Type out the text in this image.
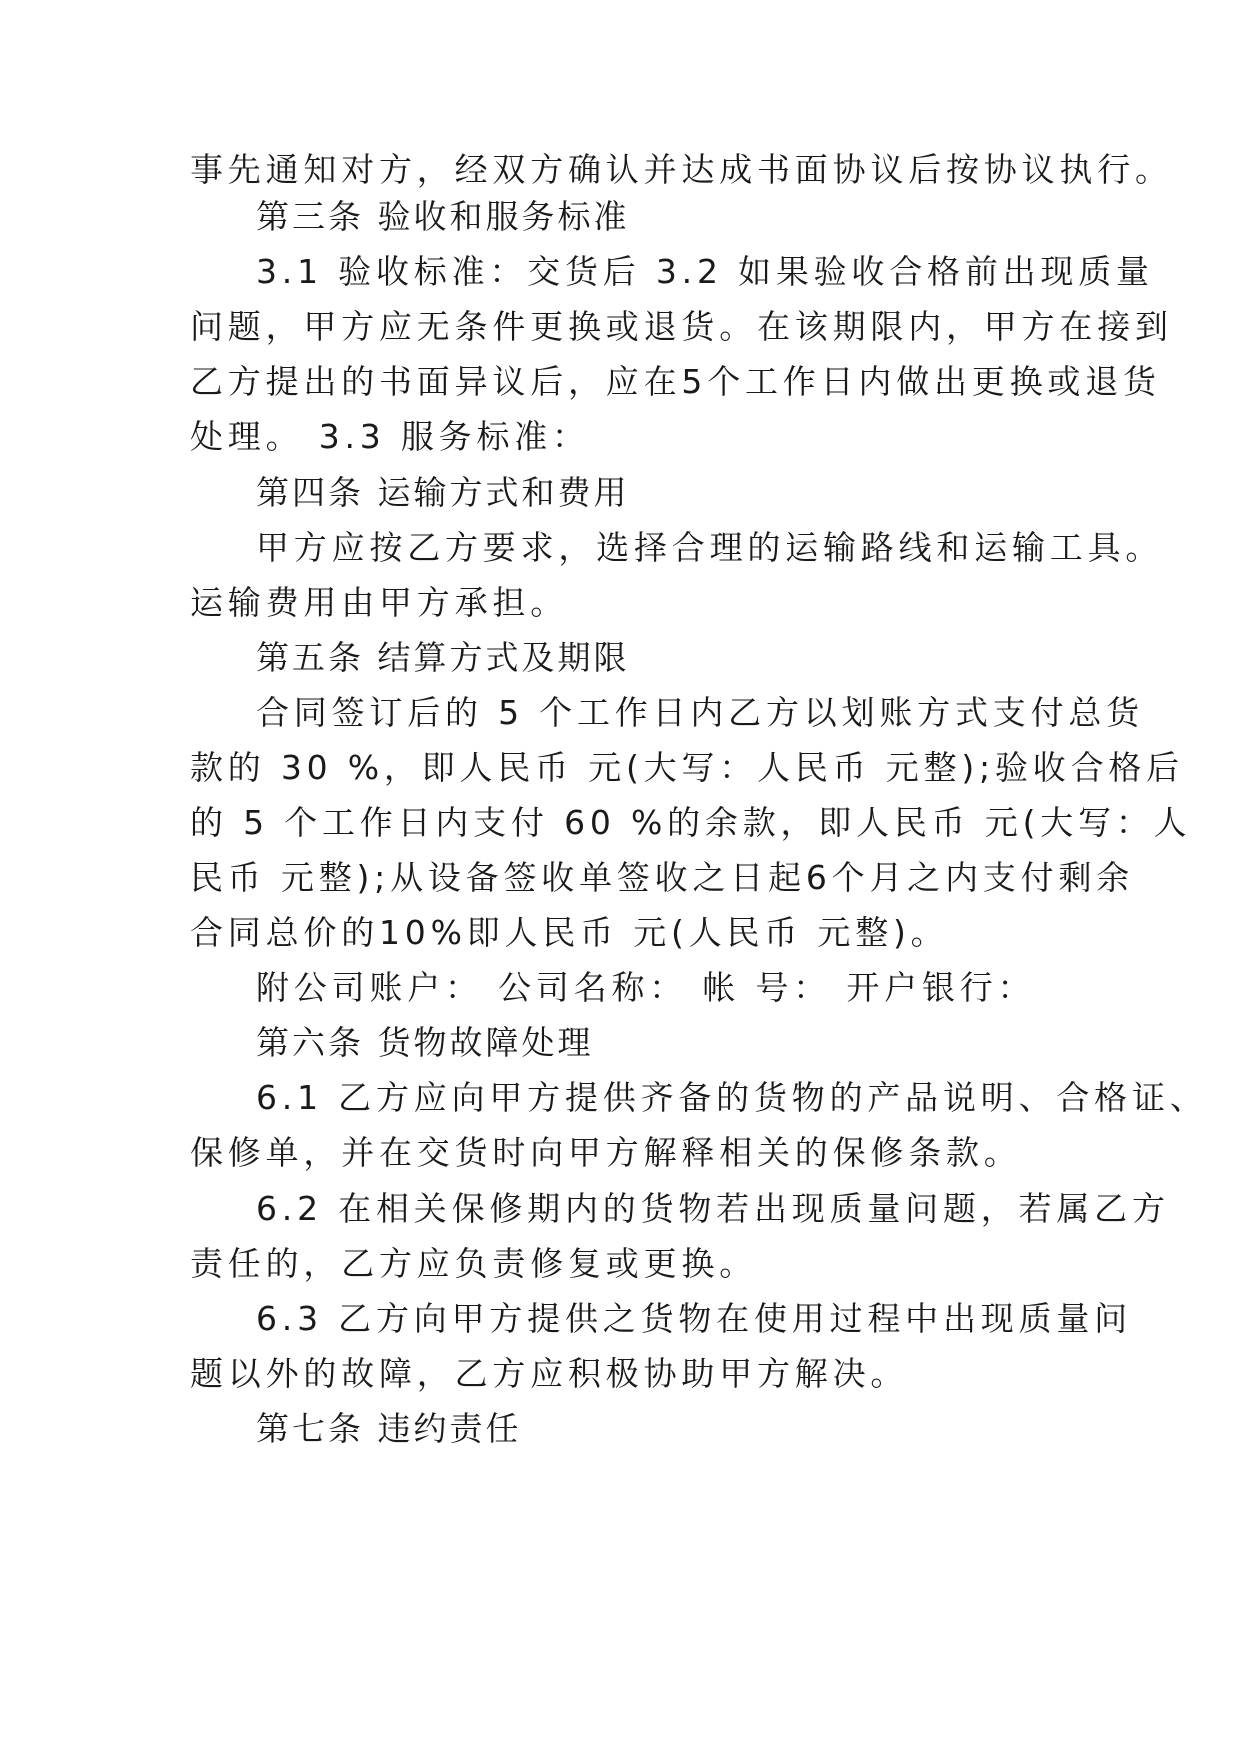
事先通知对方，经双方确认并达成书面协议后按协议执行。
第三条 验收和服务标准
3.1 验收标准：交货后 3.2 如果验收合格前出现质量
问题，甲方应无条件更换或退货。在该期限内，甲方在接到
乙方提出的书面异议后，应在5个工作日内做出更换或退货
处理。 3.3 服务标准：
第四条 运输方式和费用
甲方应按乙方要求，选择合理的运输路线和运输工具。
运输费用由甲方承担。
第五条 结算方式及期限
合同签订后的 5 个工作日内乙方以划账方式支付总货
款的 30 %，即人民币 元(大写：人民币 元整);验收合格后
的 5 个工作日内支付 60 %的余款，即人民币 元(大写：人
民币 元整);从设备签收单签收之日起6个月之内支付剩余
合同总价的10%即人民币 元(人民币 元整)。
附公司账户： 公司名称： 帐 号： 开户银行：
第六条 货物故障处理
6.1 乙方应向甲方提供齐备的货物的产品说明、合格证、
保修单，并在交货时向甲方解释相关的保修条款。
6.2 在相关保修期内的货物若出现质量问题，若属乙方
责任的，乙方应负责修复或更换。
6.3 乙方向甲方提供之货物在使用过程中出现质量问
题以外的故障，乙方应积极协助甲方解决。
第七条 违约责任
